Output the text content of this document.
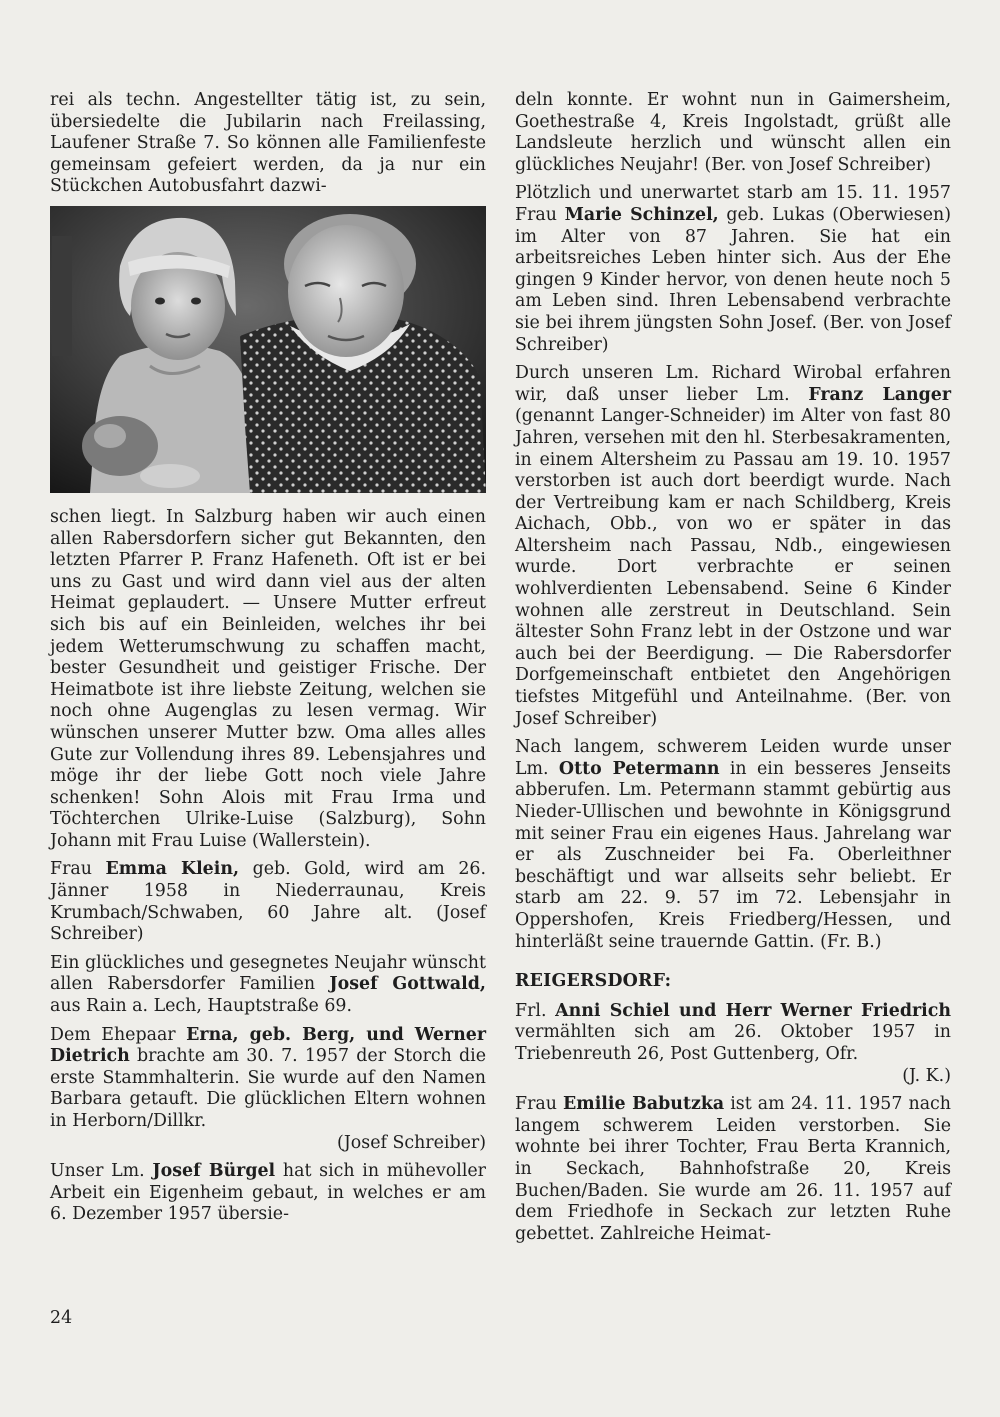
rei als techn. Angestellter tätig ist, zu sein, übersiedelte die Jubilarin nach Freilassing, Laufener Straße 7. So können alle Familienfeste gemeinsam gefeiert werden, da ja nur ein Stückchen Autobusfahrt dazwi-

schen liegt. In Salzburg haben wir auch einen allen Rabersdorfern sicher gut Bekannten, den letzten Pfarrer P. Franz Hafeneth. Oft ist er bei uns zu Gast und wird dann viel aus der alten Heimat geplaudert. — Unsere Mutter erfreut sich bis auf ein Beinleiden, welches ihr bei jedem Wetterumschwung zu schaffen macht, bester Gesundheit und geistiger Frische. Der Heimatbote ist ihre liebste Zeitung, welchen sie noch ohne Augenglas zu lesen vermag. Wir wünschen unserer Mutter bzw. Oma alles alles Gute zur Vollendung ihres 89. Lebensjahres und möge ihr der liebe Gott noch viele Jahre schenken! Sohn Alois mit Frau Irma und Töchterchen Ulrike-Luise (Salzburg), Sohn Johann mit Frau Luise (Wallerstein).

Frau Emma Klein, geb. Gold, wird am 26. Jänner 1958 in Niederraunau, Kreis Krumbach/Schwaben, 60 Jahre alt. (Josef Schreiber)

Ein glückliches und gesegnetes Neujahr wünscht allen Rabersdorfer Familien Josef Gottwald, aus Rain a. Lech, Hauptstraße 69.

Dem Ehepaar Erna, geb. Berg, und Werner Dietrich brachte am 30. 7. 1957 der Storch die erste Stammhalterin. Sie wurde auf den Namen Barbara getauft. Die glücklichen Eltern wohnen in Herborn/Dillkr.
(Josef Schreiber)

Unser Lm. Josef Bürgel hat sich in mühevoller Arbeit ein Eigenheim gebaut, in welches er am 6. Dezember 1957 übersie-

deln konnte. Er wohnt nun in Gaimersheim, Goethestraße 4, Kreis Ingolstadt, grüßt alle Landsleute herzlich und wünscht allen ein glückliches Neujahr! (Ber. von Josef Schreiber)

Plötzlich und unerwartet starb am 15. 11. 1957 Frau Marie Schinzel, geb. Lukas (Oberwiesen) im Alter von 87 Jahren. Sie hat ein arbeitsreiches Leben hinter sich. Aus der Ehe gingen 9 Kinder hervor, von denen heute noch 5 am Leben sind. Ihren Lebensabend verbrachte sie bei ihrem jüngsten Sohn Josef. (Ber. von Josef Schreiber)

Durch unseren Lm. Richard Wirobal erfahren wir, daß unser lieber Lm. Franz Langer (genannt Langer-Schneider) im Alter von fast 80 Jahren, versehen mit den hl. Sterbesakramenten, in einem Altersheim zu Passau am 19. 10. 1957 verstorben ist auch dort beerdigt wurde. Nach der Vertreibung kam er nach Schildberg, Kreis Aichach, Obb., von wo er später in das Altersheim nach Passau, Ndb., eingewiesen wurde. Dort verbrachte er seinen wohlverdienten Lebensabend. Seine 6 Kinder wohnen alle zerstreut in Deutschland. Sein ältester Sohn Franz lebt in der Ostzone und war auch bei der Beerdigung. — Die Rabersdorfer Dorfgemeinschaft entbietet den Angehörigen tiefstes Mitgefühl und Anteilnahme. (Ber. von Josef Schreiber)

Nach langem, schwerem Leiden wurde unser Lm. Otto Petermann in ein besseres Jenseits abberufen. Lm. Petermann stammt gebürtig aus Nieder-Ullischen und bewohnte in Königsgrund mit seiner Frau ein eigenes Haus. Jahrelang war er als Zuschneider bei Fa. Oberleithner beschäftigt und war allseits sehr beliebt. Er starb am 22. 9. 57 im 72. Lebensjahr in Oppershofen, Kreis Friedberg/Hessen, und hinterläßt seine trauernde Gattin. (Fr. B.)

REIGERSDORF:

Frl. Anni Schiel und Herr Werner Friedrich vermählten sich am 26. Oktober 1957 in Triebenreuth 26, Post Guttenberg, Ofr.
(J. K.)

Frau Emilie Babutzka ist am 24. 11. 1957 nach langem schwerem Leiden verstorben. Sie wohnte bei ihrer Tochter, Frau Berta Krannich, in Seckach, Bahnhofstraße 20, Kreis Buchen/Baden. Sie wurde am 26. 11. 1957 auf dem Friedhofe in Seckach zur letzten Ruhe gebettet. Zahlreiche Heimat-

24
